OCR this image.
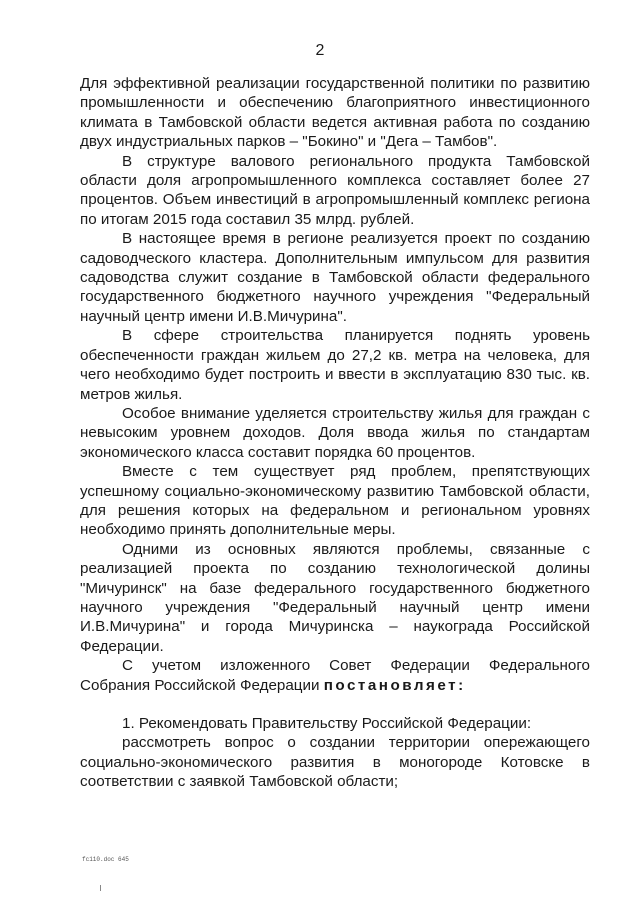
2

Для эффективной реализации государственной политики по развитию промышленности и обеспечению благоприятного инвестиционного климата в Тамбовской области ведется активная работа по созданию двух индустриальных парков – "Бокино" и "Дега – Тамбов".

В структуре валового регионального продукта Тамбовской области доля агропромышленного комплекса составляет более 27 процентов. Объем инвестиций в агропромышленный комплекс региона по итогам 2015 года составил 35 млрд. рублей.

В настоящее время в регионе реализуется проект по созданию садоводческого кластера. Дополнительным импульсом для развития садоводства служит создание в Тамбовской области федерального государственного бюджетного научного учреждения "Федеральный научный центр имени И.В.Мичурина".

В сфере строительства планируется поднять уровень обеспеченности граждан жильем до 27,2 кв. метра на человека, для чего необходимо будет построить и ввести в эксплуатацию 830 тыс. кв. метров жилья.

Особое внимание уделяется строительству жилья для граждан с невысоким уровнем доходов. Доля ввода жилья по стандартам экономического класса составит порядка 60 процентов.

Вместе с тем существует ряд проблем, препятствующих успешному социально-экономическому развитию Тамбовской области, для решения которых на федеральном и региональном уровнях необходимо принять дополнительные меры.

Одними из основных являются проблемы, связанные с реализацией проекта по созданию технологической долины "Мичуринск" на базе федерального государственного бюджетного научного учреждения "Федеральный научный центр имени И.В.Мичурина" и города Мичуринска – наукограда Российской Федерации.

С учетом изложенного Совет Федерации Федерального Собрания Российской Федерации постановляет:

1. Рекомендовать Правительству Российской Федерации:

рассмотреть вопрос о создании территории опережающего социально-экономического развития в моногороде Котовске в соответствии с заявкой Тамбовской области;

fc110.doc 645
